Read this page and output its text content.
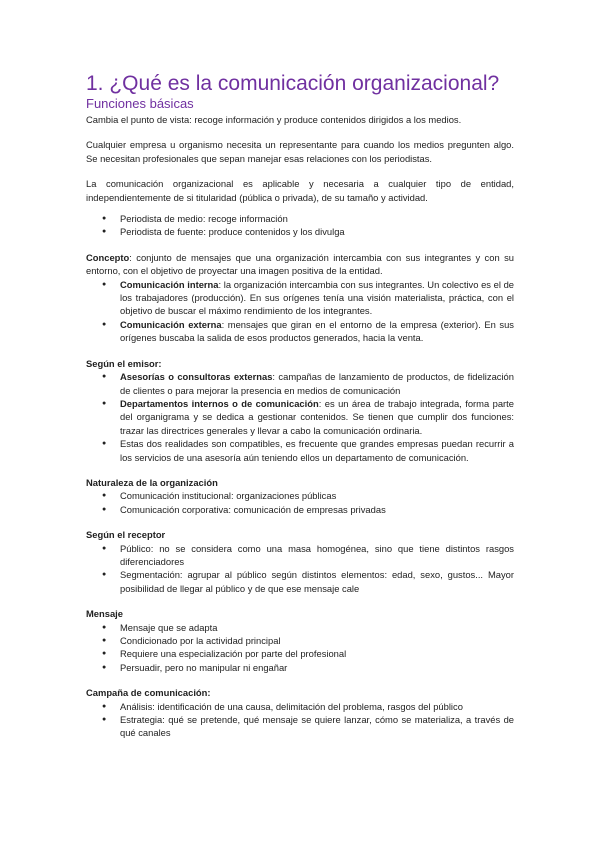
1. ¿Qué es la comunicación organizacional?
Funciones básicas

Cambia el punto de vista: recoge información y produce contenidos dirigidos a los medios.

Cualquier empresa u organismo necesita un representante para cuando los medios pregunten algo. Se necesitan profesionales que sepan manejar esas relaciones con los periodistas.

La comunicación organizacional es aplicable y necesaria a cualquier tipo de entidad, independientemente de si titularidad (pública o privada), de su tamaño y actividad.

● Periodista de medio: recoge información
● Periodista de fuente: produce contenidos y los divulga

Concepto: conjunto de mensajes que una organización intercambia con sus integrantes y con su entorno, con el objetivo de proyectar una imagen positiva de la entidad.

● Comunicación interna: la organización intercambia con sus integrantes. Un colectivo es el de los trabajadores (producción). En sus orígenes tenía una visión materialista, práctica, con el objetivo de buscar el máximo rendimiento de los integrantes.
● Comunicación externa: mensajes que giran en el entorno de la empresa (exterior). En sus orígenes buscaba la salida de esos productos generados, hacia la venta.
Según el emisor:
● Asesorías o consultoras externas: campañas de lanzamiento de productos, de fidelización de clientes o para mejorar la presencia en medios de comunicación
● Departamentos internos o de comunicación: es un área de trabajo integrada, forma parte del organigrama y se dedica a gestionar contenidos. Se tienen que cumplir dos funciones: trazar las directrices generales y llevar a cabo la comunicación ordinaria.
● Estas dos realidades son compatibles, es frecuente que grandes empresas puedan recurrir a los servicios de una asesoría aún teniendo ellos un departamento de comunicación.
Naturaleza de la organización
● Comunicación institucional: organizaciones públicas
● Comunicación corporativa: comunicación de empresas privadas
Según el receptor
● Público: no se considera como una masa homogénea, sino que tiene distintos rasgos diferenciadores
● Segmentación: agrupar al público según distintos elementos: edad, sexo, gustos... Mayor posibilidad de llegar al público y de que ese mensaje cale
Mensaje
● Mensaje que se adapta
● Condicionado por la actividad principal
● Requiere una especialización por parte del profesional
● Persuadir, pero no manipular ni engañar
Campaña de comunicación:
● Análisis: identificación de una causa, delimitación del problema, rasgos del público
● Estrategia: qué se pretende, qué mensaje se quiere lanzar, cómo se materializa, a través de qué canales
